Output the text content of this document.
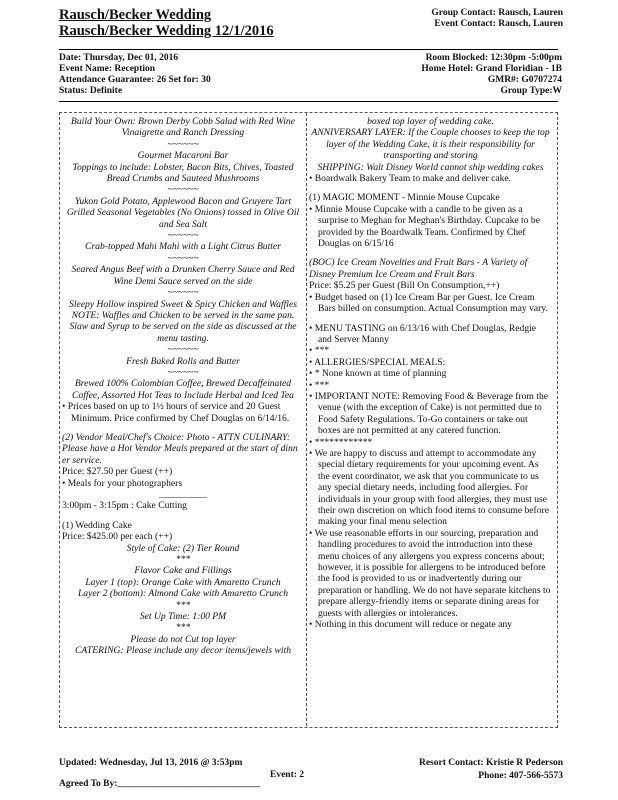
Rausch/Becker Wedding
Rausch/Becker Wedding 12/1/2016
Group Contact: Rausch, Lauren
Event Contact: Rausch, Lauren
Date: Thursday, Dec 01, 2016
Event Name: Reception
Attendance Guarantee: 26 Set for: 30
Status: Definite
Room Blocked: 12:30pm -5:00pm
Home Hotel: Grand Floridian - 1B
GMR#: G0707274
Group Type:W
Build Your Own: Brown Derby Cobb Salad with Red Wine Vinaigrette and Ranch Dressing
~~~~~~
Gourmet Macaroni Bar
Toppings to include: Lobster, Bacon Bits, Chives, Toasted Bread Crumbs and Sauteed Mushrooms
~~~~~~
Yukon Gold Potato, Applewood Bacon and Gruyere Tart
Grilled Seasonal Vegetables (No Onions) tossed in Olive Oil and Sea Salt
~~~~~~
Crab-topped Mahi Mahi with a Light Citrus Butter
~~~~~~
Seared Angus Beef with a Drunken Cherry Sauce and Red Wine Demi Sauce served on the side
~~~~~~
Sleepy Hollow inspired Sweet & Spicy Chicken and Waffles
NOTE: Waffles and Chicken to be served in the same pan. Slaw and Syrup to be served on the side as discussed at the menu tasting.
~~~~~~
Fresh Baked Rolls and Butter
~~~~~~
Brewed 100% Colombian Coffee, Brewed Decaffeinated Coffee, Assorted Hot Teas to Include Herbal and Iced Tea
• Prices based on up to 1½ hours of service and 20 Guest Minimum. Price confirmed by Chef Douglas on 6/14/16.
(2) Vendor Meal/Chef's Choice: Photo - ATTN CULINARY: Please have a Hot Vendor Meals prepared at the start of dinn er service.
Price: $27.50 per Guest (++)
• Meals for your photographers
__________
3:00pm - 3:15pm : Cake Cutting
(1) Wedding Cake
Price: $425.00 per each (++)
Style of Cake: (2) Tier Round
***
Flavor Cake and Fillings
Layer 1 (top): Orange Cake with Amaretto Crunch
Layer 2 (bottom): Almond Cake with Amaretto Crunch
***
Set Up Time: 1:00 PM
***
Please do not Cut top layer
CATERING: Please include any decor items/jewels with
boxed top layer of wedding cake.
ANNIVERSARY LAYER: If the Couple chooses to keep the top layer of the Wedding Cake, it is their responsibility for transporting and storing
SHIPPING: Walt Disney World cannot ship wedding cakes
• Boardwalk Bakery Team to make and deliver cake.
(1) MAGIC MOMENT - Minnie Mouse Cupcake
• Minnie Mouse Cupcake with a candle to be given as a surprise to Meghan for Meghan's Birthday. Cupcake to be provided by the Boardwalk Team. Confirmed by Chef Douglas on 6/15/16
(BOC) Ice Cream Novelties and Fruit Bars - A Variety of Disney Premium Ice Cream and Fruit Bars
Price: $5.25 per Guest (Bill On Consumption,++)
• Budget based on (1) Ice Cream Bar per Guest. Ice Cream Bars billed on consumption. Actual Consumption may vary.
• MENU TASTING on 6/13/16 with Chef Douglas, Redgie and Server Manny
• ***
• ALLERGIES/SPECIAL MEALS:
• * None known at time of planning
• ***
• IMPORTANT NOTE: Removing Food & Beverage from the venue (with the exception of Cake) is not permitted due to Food Safety Regulations. To-Go containers or take out boxes are not permitted at any catered function.
• ************
• We are happy to discuss and attempt to accommodate any special dietary requirements for your upcoming event. As the event coordinator, we ask that you communicate to us any special dietary needs, including food allergies. For individuals in your group with food allergies, they must use their own discretion on which food items to consume before making your final menu selection
• We use reasonable efforts in our sourcing, preparation and handling procedures to avoid the introduction into these menu choices of any allergens you express concerns about; however, it is possible for allergens to be introduced before the food is provided to us or inadvertently during our preparation or handling. We do not have separate kitchens to prepare allergy-friendly items or separate dining areas for guests with allergies or intolerances.
• Nothing in this document will reduce or negate any
Updated: Wednesday, Jul 13, 2016 @ 3:53pm
Agreed To By:______________________________
Event: 2
Resort Contact: Kristie R Pederson
Phone: 407-566-5573
